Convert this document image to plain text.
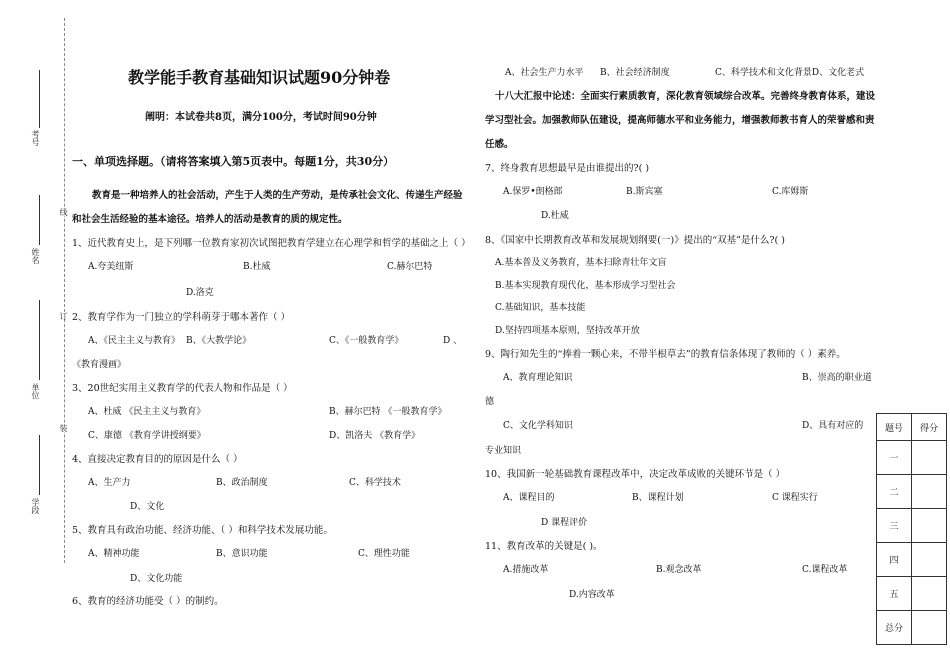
考号
姓名
单位
学段
线
订
装
教学能手教育基础知识试题90分钟卷
阐明：本试卷共8页，满分100分，考试时间90分钟
一、单项选择题。（请将答案填入第5页表中。每题1分，共30分）
教育是一种培养人的社会活动，产生于人类的生产劳动，是传承社会文化、传递生产经验
和社会生活经验的基本途径。培养人的活动是教育的质的规定性。
1、近代教育史上，是下列哪一位教育家初次试图把教育学建立在心理学和哲学的基础之上（ ）
A.夸美纽斯	B.杜威	C.赫尔巴特
D.洛克
2、教育学作为一门独立的学科萌芽于哪本著作（ ）
A、《民主主义与教育》 B、《大教学论》	C、《一般教育学》	D 、
《教育漫画》
3、20世纪实用主义教育学的代表人物和作品是（ ）
A、杜威 《民主主义与教育》	B、赫尔巴特 《一般教育学》
C、康德 《教育学讲授纲要》	D、凯洛夫 《教育学》
4、直接决定教育目的的原因是什么（ ）
A、生产力	B、政治制度	C、科学技术
D、文化
5、教育具有政治功能、经济功能、（ ）和科学技术发展功能。
A、精神功能	B、意识功能	C、理性功能
D、文化功能
6、教育的经济功能受（ ）的制约。
A、社会生产力水平 B、社会经济制度	C、科学技术和文化背景D、文化老式
十八大汇报中论述：全面实行素质教育，深化教育领域综合改革。完善终身教育体系，建设
学习型社会。加强教师队伍建设，提高师德水平和业务能力，增强教师教书育人的荣誉感和责
任感。
7、终身教育思想最早是由谁提出的?( )
A.保罗•朗格郎	B.斯宾塞	C.库姆斯
D.杜威
8、《国家中长期教育改革和发展规划纲要(一)》提出的“双基”是什么?( )
A.基本普及义务教育，基本扫除青壮年文盲
B.基本实现教育现代化，基本形成学习型社会
C.基础知识，基本技能
D.坚持四项基本原则，坚持改革开放
9、陶行知先生的“捧着一颗心来，不带半根草去”的教育信条体现了教师的（ ）素养。
A、教育理论知识	B、崇高的职业道
德
C、文化学科知识	D、具有对应的
专业知识
10、我国新一轮基础教育课程改革中，决定改革成败的关键环节是（ ）
A、课程目的	B、课程计划	C 课程实行
D 课程评价
11、教育改革的关键是( )。
A.措施改革	B.观念改革	C.课程改革
D.内容改革
题号	得分
一	
二	
三	
四	
五	
总分	
